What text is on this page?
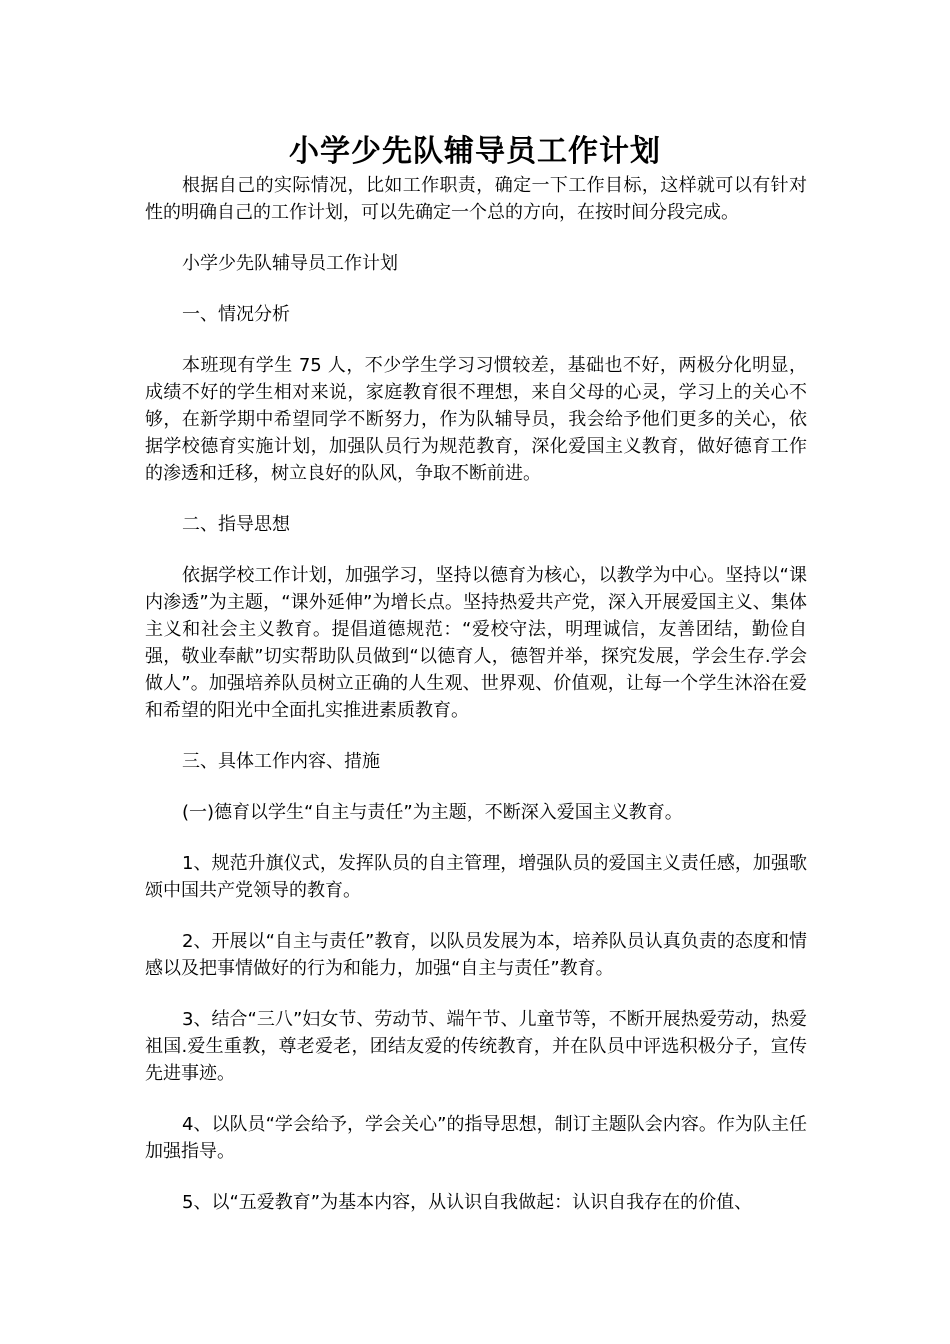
小学少先队辅导员工作计划

根据自己的实际情况，比如工作职责，确定一下工作目标，这样就可以有针对性的明确自己的工作计划，可以先确定一个总的方向，在按时间分段完成。

小学少先队辅导员工作计划

一、情况分析

本班现有学生 75 人，不少学生学习习惯较差，基础也不好，两极分化明显，成绩不好的学生相对来说，家庭教育很不理想，来自父母的心灵，学习上的关心不够，在新学期中希望同学不断努力，作为队辅导员，我会给予他们更多的关心，依据学校德育实施计划，加强队员行为规范教育，深化爱国主义教育，做好德育工作的渗透和迁移，树立良好的队风，争取不断前进。

二、指导思想

依据学校工作计划，加强学习，坚持以德育为核心，以教学为中心。坚持以“课内渗透”为主题，“课外延伸”为增长点。坚持热爱共产党，深入开展爱国主义、集体主义和社会主义教育。提倡道德规范：“爱校守法，明理诚信，友善团结，勤俭自强，敬业奉献”切实帮助队员做到“以德育人，德智并举，探究发展，学会生存.学会做人”。加强培养队员树立正确的人生观、世界观、价值观，让每一个学生沐浴在爱和希望的阳光中全面扎实推进素质教育。

三、具体工作内容、措施

(一)德育以学生“自主与责任”为主题，不断深入爱国主义教育。

1、规范升旗仪式，发挥队员的自主管理，增强队员的爱国主义责任感，加强歌颂中国共产党领导的教育。

2、开展以“自主与责任”教育，以队员发展为本，培养队员认真负责的态度和情感以及把事情做好的行为和能力，加强“自主与责任”教育。

3、结合“三八”妇女节、劳动节、端午节、儿童节等，不断开展热爱劳动，热爱祖国.爱生重教，尊老爱老，团结友爱的传统教育，并在队员中评选积极分子，宣传先进事迹。

4、以队员“学会给予，学会关心”的指导思想，制订主题队会内容。作为队主任加强指导。

5、以“五爱教育”为基本内容，从认识自我做起：认识自我存在的价值、
